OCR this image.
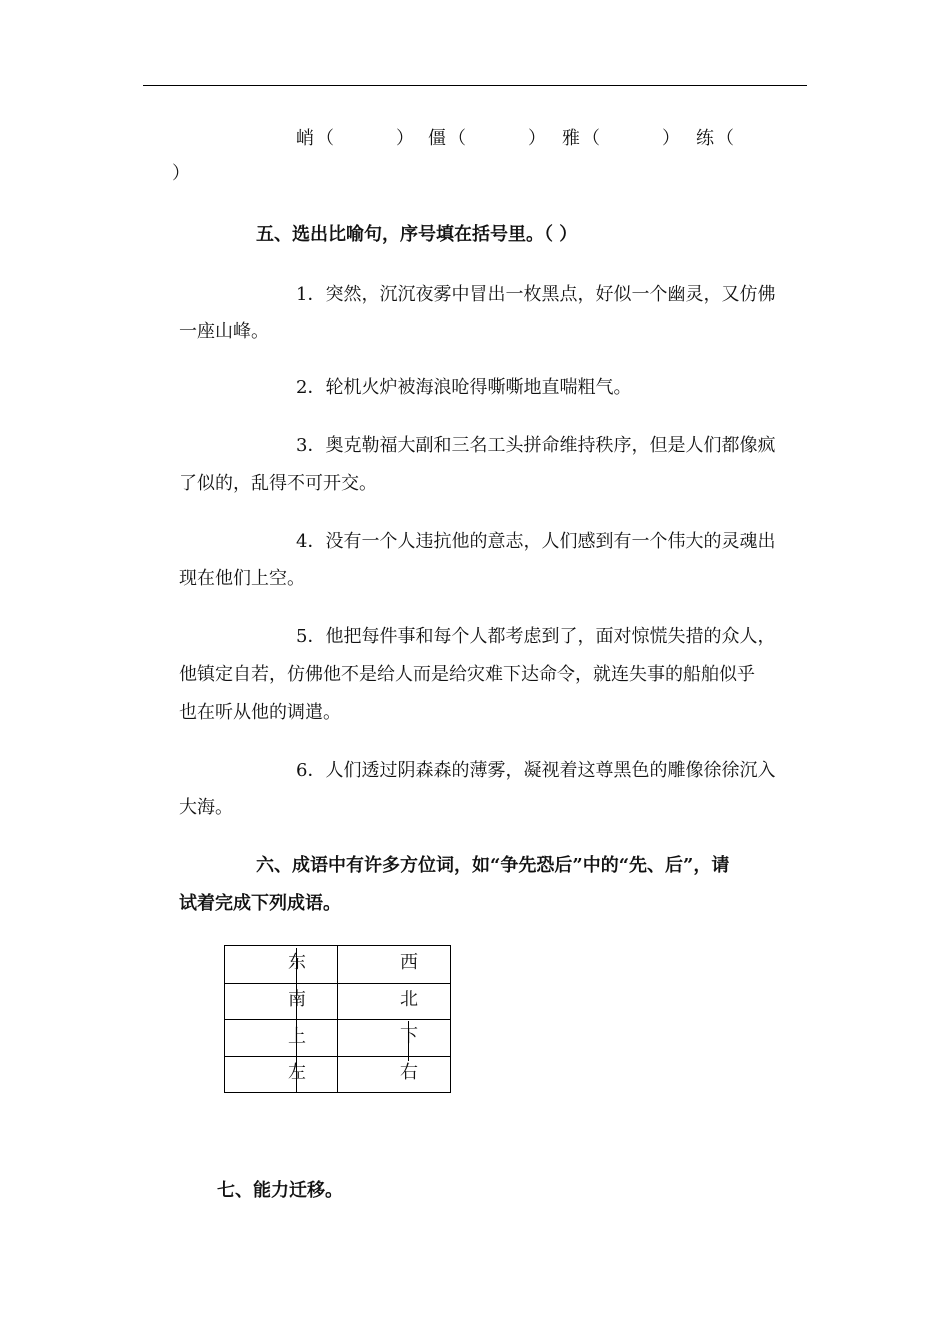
峭 （	） 僵 （	） 雅 （	） 练 （
）
五、选出比喻句，序号填在括号里。（ ）
1．突然，沉沉夜雾中冒出一枚黑点，好似一个幽灵，又仿佛
一座山峰。
2．轮机火炉被海浪呛得嘶嘶地直喘粗气。
3．奥克勒福大副和三名工头拼命维持秩序，但是人们都像疯
了似的，乱得不可开交。
4．没有一个人违抗他的意志，人们感到有一个伟大的灵魂出
现在他们上空。
5．他把每件事和每个人都考虑到了，面对惊慌失措的众人，
他镇定自若，仿佛他不是给人而是给灾难下达命令，就连失事的船舶似乎
也在听从他的调遣。
6．人们透过阴森森的薄雾，凝视着这尊黑色的雕像徐徐沉入
大海。
六、成语中有许多方位词，如“争先恐后”中的“先、后”，请
试着完成下列成语。
东	西
南	北
上	下
左	右
七、能力迁移。
